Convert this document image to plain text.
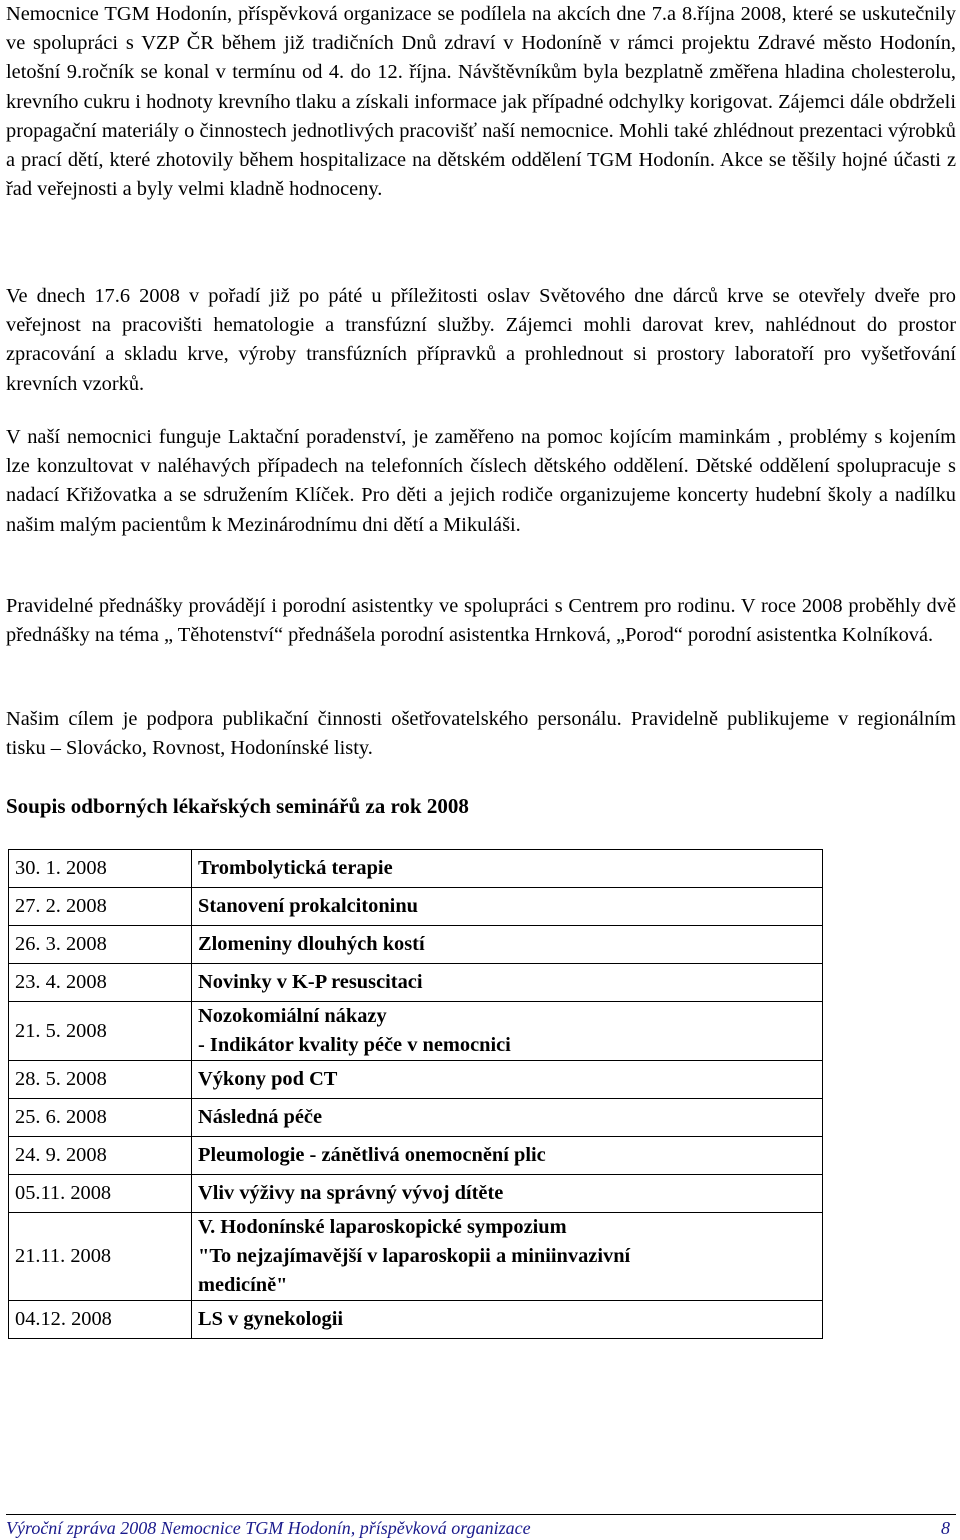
Nemocnice TGM Hodonín, příspěvková organizace se podílela na akcích dne 7.a 8.října 2008, které se uskutečnily ve spolupráci s VZP ČR během již tradičních Dnů zdraví v Hodoníně v rámci projektu Zdravé město Hodonín, letošní 9.ročník se konal v termínu od 4. do 12. října. Návštěvníkům byla bezplatně změřena hladina cholesterolu, krevního cukru i hodnoty krevního tlaku a získali informace jak případné odchylky korigovat. Zájemci dále obdrželi propagační materiály o činnostech jednotlivých pracovišť naší nemocnice. Mohli také zhlédnout prezentaci výrobků a prací dětí, které zhotovily během hospitalizace na dětském oddělení TGM Hodonín. Akce se těšily hojné účasti z řad veřejnosti a byly velmi kladně hodnoceny.

Ve dnech 17.6 2008 v pořadí již po páté u příležitosti oslav Světového dne dárců krve se otevřely dveře pro veřejnost na pracovišti hematologie a transfúzní služby. Zájemci mohli darovat krev, nahlédnout do prostor zpracování a skladu krve, výroby transfúzních přípravků a prohlednout si prostory laboratoří pro vyšetřování krevních vzorků.

V naší nemocnici funguje Laktační poradenství, je zaměřeno na pomoc kojícím maminkám , problémy s kojením lze konzultovat v naléhavých případech na telefonních číslech dětského oddělení. Dětské oddělení spolupracuje s nadací Křižovatka a se sdružením Klíček. Pro děti a jejich rodiče organizujeme koncerty hudební školy a nadílku našim malým pacientům k Mezinárodnímu dni dětí a Mikuláši.

Pravidelné přednášky provádějí i porodní asistentky ve spolupráci s Centrem pro rodinu. V roce 2008 proběhly dvě přednášky na téma „ Těhotenství“ přednášela porodní asistentka Hrnková, „Porod“ porodní asistentka Kolníková.

Našim cílem je podpora publikační činnosti ošetřovatelského personálu. Pravidelně publikujeme v regionálním tisku – Slovácko, Rovnost, Hodonínské listy.

Soupis odborných lékařských seminářů za rok 2008

30. 1. 2008	Trombolytická terapie

27. 2. 2008	Stanovení prokalcitoninu

26. 3. 2008	Zlomeniny dlouhých kostí

23. 4. 2008	Novinky v K-P resuscitaci

21. 5. 2008	Nozokomiální nákazy
- Indikátor kvality péče v nemocnici

28. 5. 2008	Výkony pod CT

25. 6. 2008	Následná péče

24. 9. 2008	Pleumologie - zánětlivá onemocnění plic

05.11. 2008	Vliv výživy na správný vývoj dítěte

21.11. 2008	V. Hodonínské laparoskopické sympozium
"To nejzajímavější v laparoskopii a miniinvazivní
medicíně"

04.12. 2008	LS v gynekologii
Výroční zpráva 2008 Nemocnice TGM Hodonín, příspěvková organizace	8
